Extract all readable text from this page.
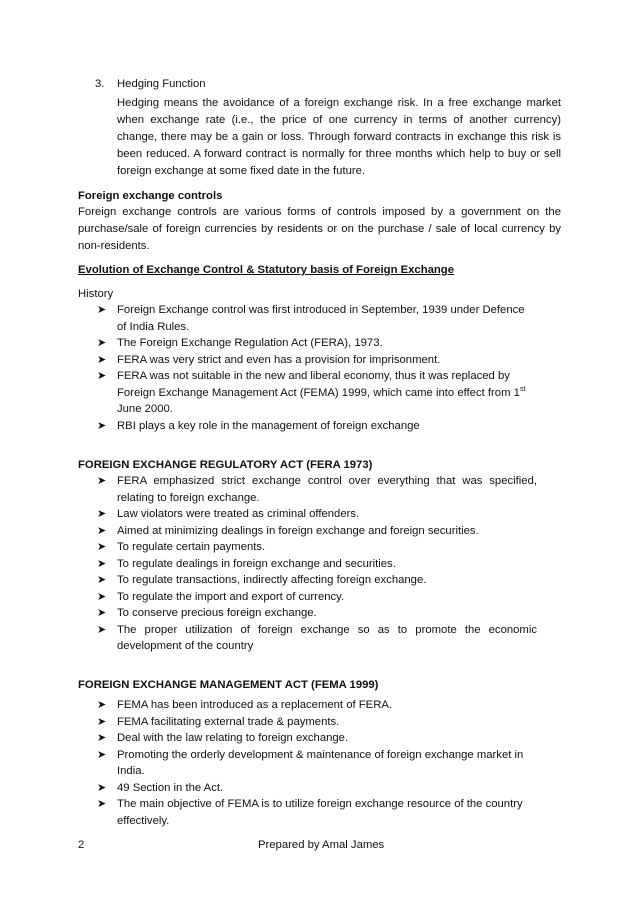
3. Hedging Function
Hedging means the avoidance of a foreign exchange risk. In a free exchange market when exchange rate (i.e., the price of one currency in terms of another currency) change, there may be a gain or loss. Through forward contracts in exchange this risk is been reduced. A forward contract is normally for three months which help to buy or sell foreign exchange at some fixed date in the future.
Foreign exchange controls
Foreign exchange controls are various forms of controls imposed by a government on the purchase/sale of foreign currencies by residents or on the purchase / sale of local currency by non-residents.
Evolution of Exchange Control & Statutory basis of Foreign Exchange
History
➤ Foreign Exchange control was first introduced in September, 1939 under Defence of India Rules.
➤ The Foreign Exchange Regulation Act (FERA), 1973.
➤ FERA was very strict and even has a provision for imprisonment.
➤ FERA was not suitable in the new and liberal economy, thus it was replaced by Foreign Exchange Management Act (FEMA) 1999, which came into effect from 1st June 2000.
➤ RBI plays a key role in the management of foreign exchange
FOREIGN EXCHANGE REGULATORY ACT (FERA 1973)
➤ FERA emphasized strict exchange control over everything that was specified, relating to foreign exchange.
➤ Law violators were treated as criminal offenders.
➤ Aimed at minimizing dealings in foreign exchange and foreign securities.
➤ To regulate certain payments.
➤ To regulate dealings in foreign exchange and securities.
➤ To regulate transactions, indirectly affecting foreign exchange.
➤ To regulate the import and export of currency.
➤ To conserve precious foreign exchange.
➤ The proper utilization of foreign exchange so as to promote the economic development of the country
FOREIGN EXCHANGE MANAGEMENT ACT (FEMA 1999)
➤ FEMA has been introduced as a replacement of FERA.
➤ FEMA facilitating external trade & payments.
➤ Deal with the law relating to foreign exchange.
➤ Promoting the orderly development & maintenance of foreign exchange market in India.
➤ 49 Section in the Act.
➤ The main objective of FEMA is to utilize foreign exchange resource of the country effectively.
2	Prepared by Amal James
